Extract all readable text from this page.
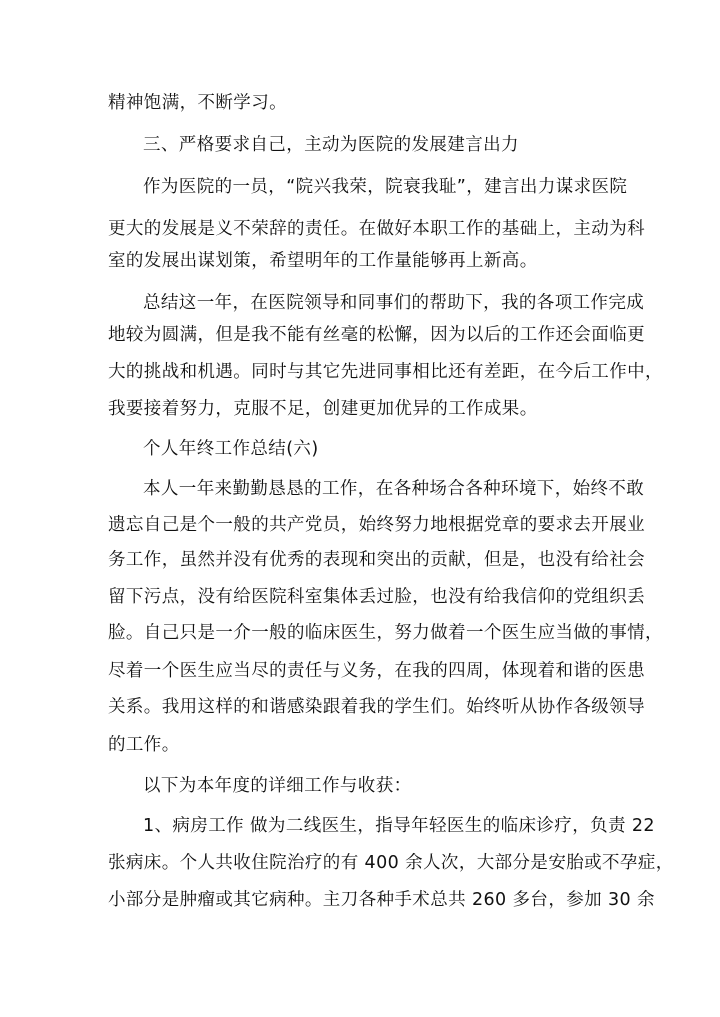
精神饱满，不断学习。

三、严格要求自己，主动为医院的发展建言出力

作为医院的一员，“院兴我荣，院衰我耻”，建言出力谋求医院

更大的发展是义不荣辞的责任。在做好本职工作的基础上，主动为科

室的发展出谋划策，希望明年的工作量能够再上新高。

总结这一年，在医院领导和同事们的帮助下，我的各项工作完成

地较为圆满，但是我不能有丝毫的松懈，因为以后的工作还会面临更

大的挑战和机遇。同时与其它先进同事相比还有差距，在今后工作中，

我要接着努力，克服不足，创建更加优异的工作成果。

个人年终工作总结(六)

本人一年来勤勤恳恳的工作，在各种场合各种环境下，始终不敢

遗忘自己是个一般的共产党员，始终努力地根据党章的要求去开展业

务工作，虽然并没有优秀的表现和突出的贡献，但是，也没有给社会

留下污点，没有给医院科室集体丢过脸，也没有给我信仰的党组织丢

脸。自己只是一介一般的临床医生，努力做着一个医生应当做的事情，

尽着一个医生应当尽的责任与义务，在我的四周，体现着和谐的医患

关系。我用这样的和谐感染跟着我的学生们。始终听从协作各级领导

的工作。

以下为本年度的详细工作与收获：

1、病房工作 做为二线医生，指导年轻医生的临床诊疗，负责 22

张病床。个人共收住院治疗的有 400 余人次，大部分是安胎或不孕症，

小部分是肿瘤或其它病种。主刀各种手术总共 260 多台，参加 30 余
